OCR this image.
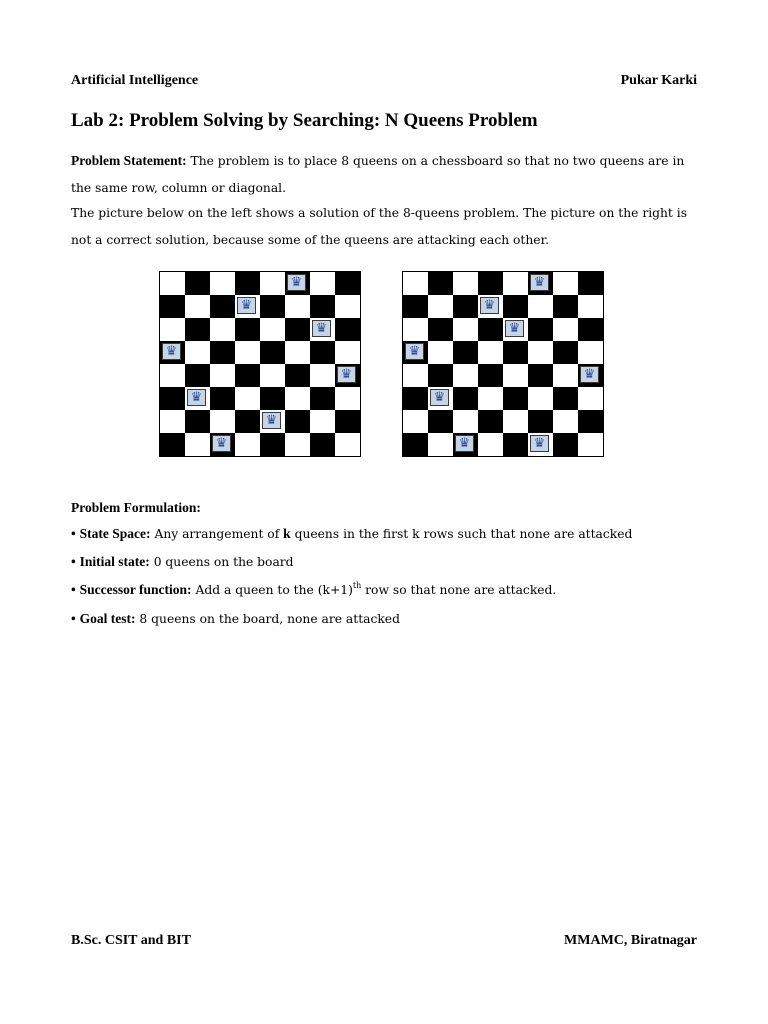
Artificial Intelligence	Pukar Karki
Lab 2: Problem Solving by Searching: N Queens Problem

Problem Statement: The problem is to place 8 queens on a chessboard so that no two queens are in the same row, column or diagonal.

The picture below on the left shows a solution of the 8-queens problem. The picture on the right is not a correct solution, because some of the queens are attacking each other.

♛
♛
♛
♛
♛
♛
♛
♛
♛
♛
♛
♛
♛
♛
♛	♛
Problem Formulation:
• State Space: Any arrangement of k queens in the first k rows such that none are attacked
• Initial state: 0 queens on the board
• Successor function: Add a queen to the $(k+1)^{th}$ row so that none are attacked.
• Goal test: 8 queens on the board, none are attacked
B.Sc. CSIT and BIT	MMAMC, Biratnagar
